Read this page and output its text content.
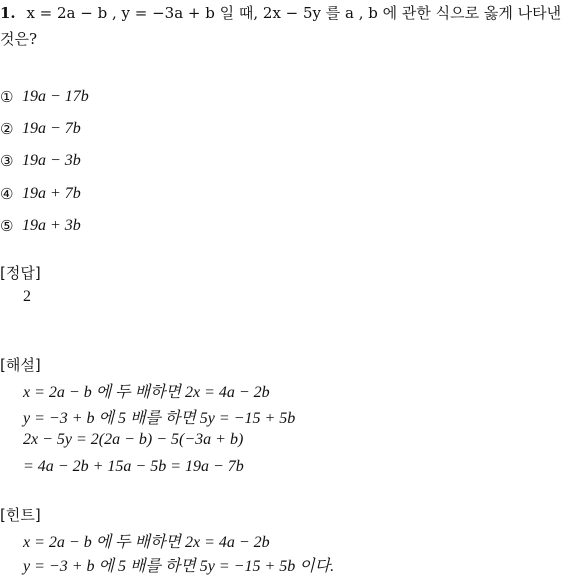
1. x = 2a − b , y = −3a + b 일 때, 2x − 5y 를 a , b 에 관한 식으로 옳게 나타낸
것은?
① 19a − 17b
② 19a − 7b
③ 19a − 3b
④ 19a + 7b
⑤ 19a + 3b
[정답]
2
[해설]
x = 2a − b 에 두 배하면 2x = 4a − 2b
y = −3 + b 에 5 배를 하면 5y = −15 + 5b
2x − 5y = 2(2a − b) − 5(−3a + b)
= 4a − 2b + 15a − 5b = 19a − 7b
[힌트]
x = 2a − b 에 두 배하면 2x = 4a − 2b
y = −3 + b 에 5 배를 하면 5y = −15 + 5b 이다.
